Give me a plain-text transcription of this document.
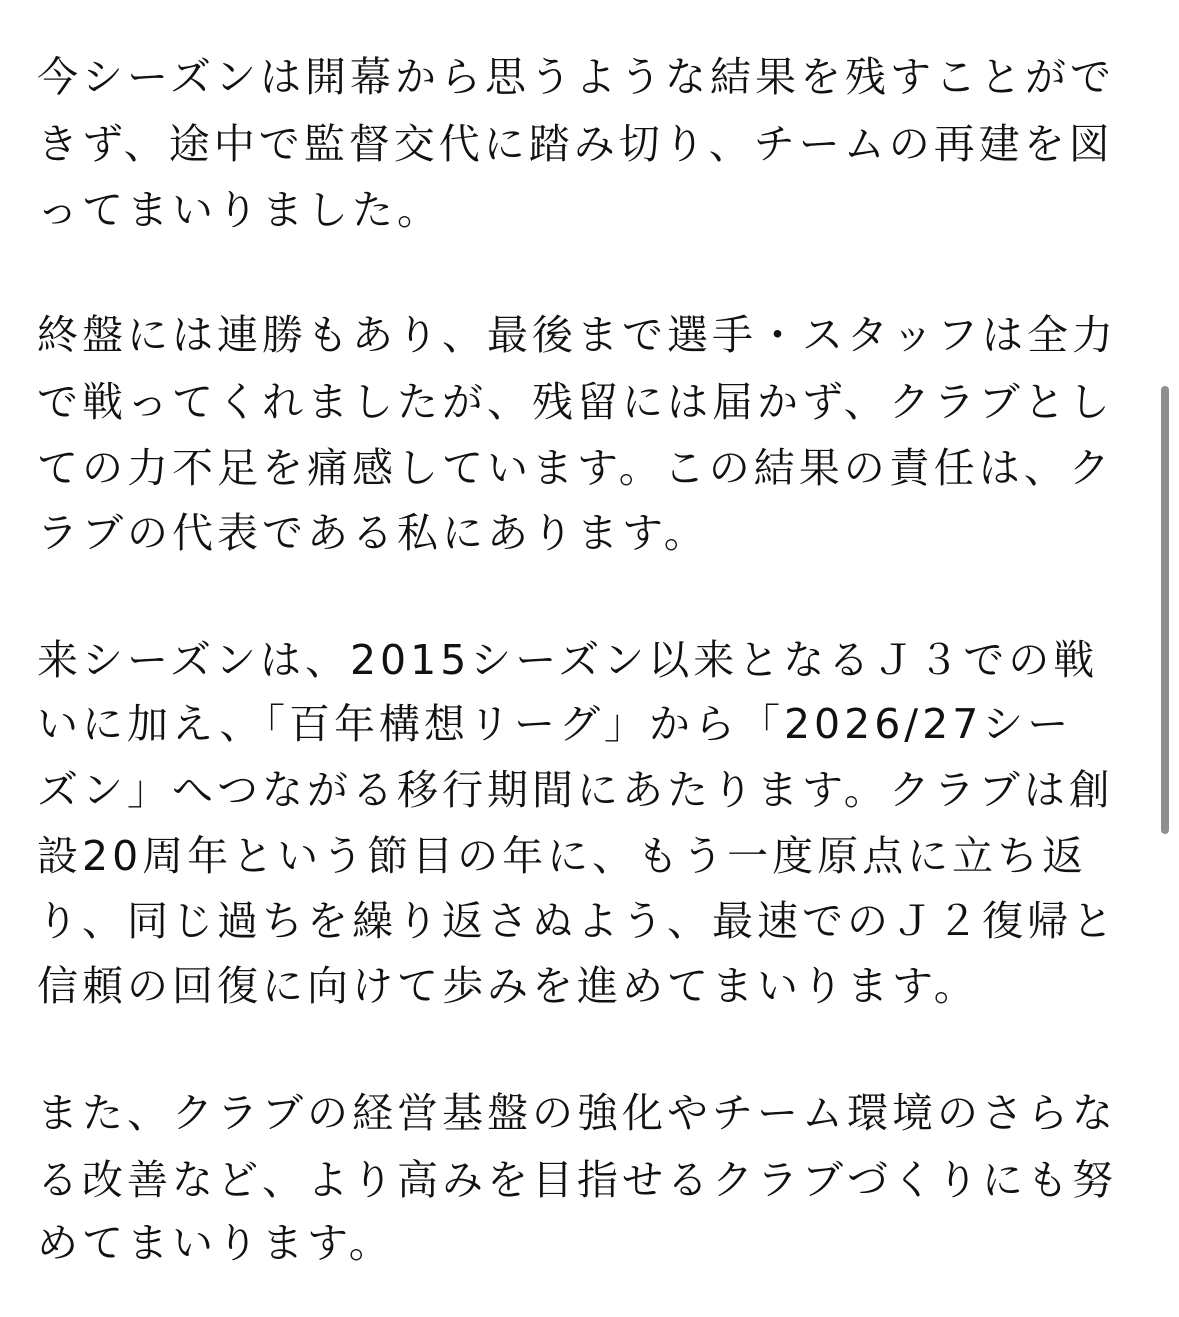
今シーズンは開幕から思うような結果を残すことがで

きず、途中で監督交代に踏み切り、チームの再建を図

ってまいりました。

終盤には連勝もあり、最後まで選手・スタッフは全力

で戦ってくれましたが、残留には届かず、クラブとし

ての力不足を痛感しています。この結果の責任は、ク

ラブの代表である私にあります。

来シーズンは、2015シーズン以来となるＪ３での戦

いに加え、「百年構想リーグ」から「2026/27シー

ズン」へつながる移行期間にあたります。クラブは創

設20周年という節目の年に、もう一度原点に立ち返

り、同じ過ちを繰り返さぬよう、最速でのＪ２復帰と

信頼の回復に向けて歩みを進めてまいります。

また、クラブの経営基盤の強化やチーム環境のさらな

る改善など、より高みを目指せるクラブづくりにも努

めてまいります。
